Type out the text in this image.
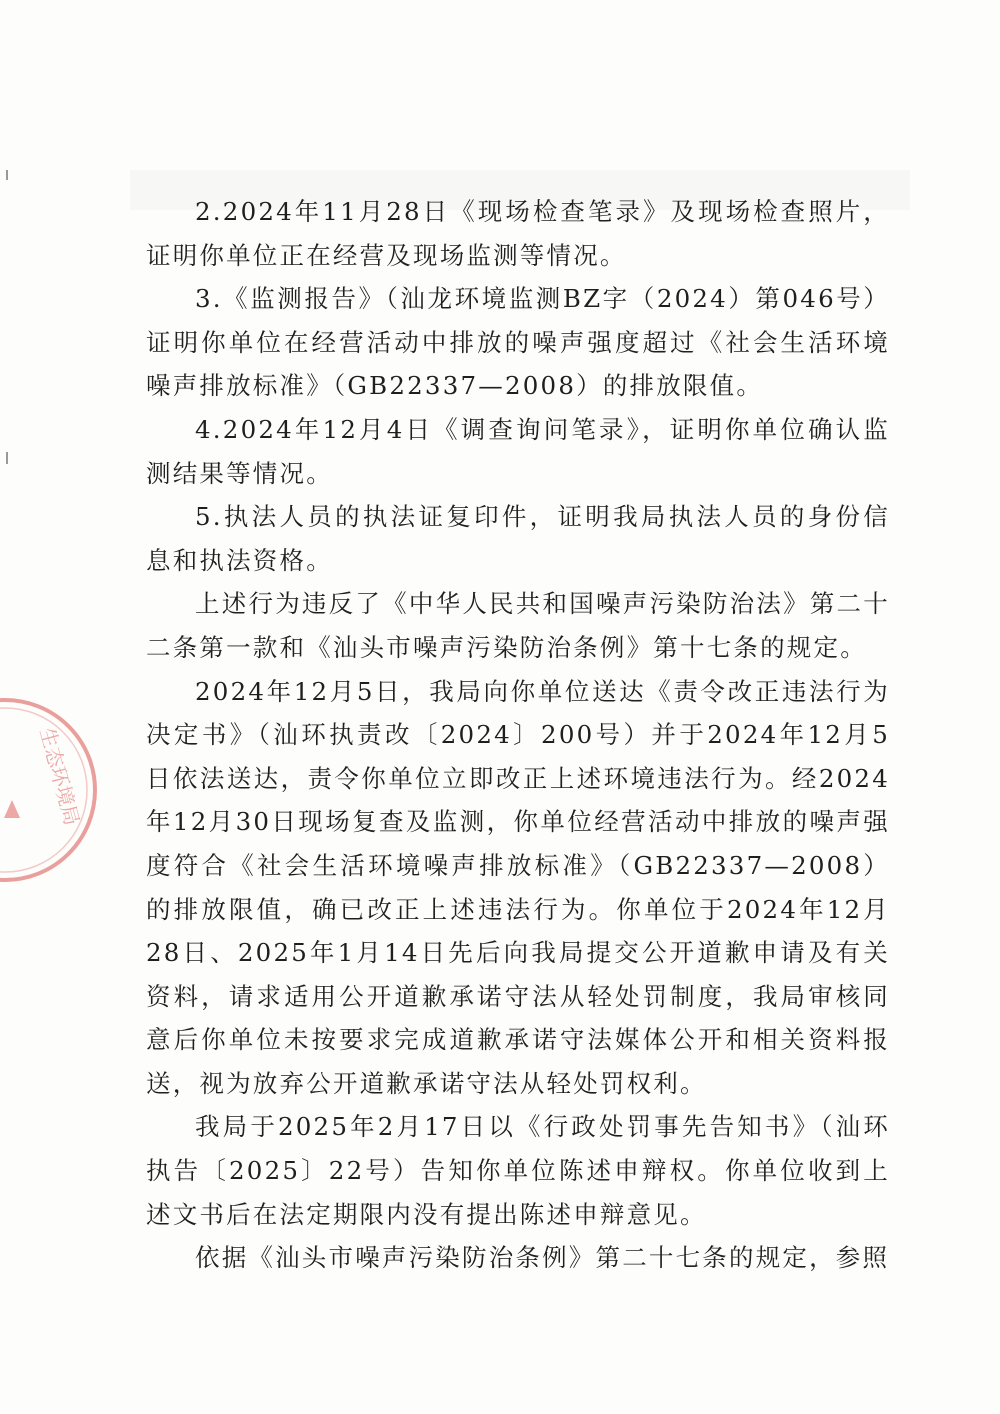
生态环境局

2.2024年11月28日《现场检查笔录》及现场检查照片，证明你单位正在经营及现场监测等情况。

3.《监测报告》（汕龙环境监测BZ字（2024）第046号）证明你单位在经营活动中排放的噪声强度超过《社会生活环境噪声排放标准》（GB22337—2008）的排放限值。

4.2024年12月4日《调查询问笔录》，证明你单位确认监测结果等情况。

5.执法人员的执法证复印件，证明我局执法人员的身份信息和执法资格。

上述行为违反了《中华人民共和国噪声污染防治法》第二十二条第一款和《汕头市噪声污染防治条例》第十七条的规定。

2024年12月5日，我局向你单位送达《责令改正违法行为决定书》（汕环执责改〔2024〕200号）并于2024年12月5日依法送达，责令你单位立即改正上述环境违法行为。经2024年12月30日现场复查及监测，你单位经营活动中排放的噪声强度符合《社会生活环境噪声排放标准》（GB22337—2008）的排放限值，确已改正上述违法行为。你单位于2024年12月28日、2025年1月14日先后向我局提交公开道歉申请及有关资料，请求适用公开道歉承诺守法从轻处罚制度，我局审核同意后你单位未按要求完成道歉承诺守法媒体公开和相关资料报送，视为放弃公开道歉承诺守法从轻处罚权利。

我局于2025年2月17日以《行政处罚事先告知书》（汕环执告〔2025〕22号）告知你单位陈述申辩权。你单位收到上述文书后在法定期限内没有提出陈述申辩意见。

依据《汕头市噪声污染防治条例》第二十七条的规定，参照
